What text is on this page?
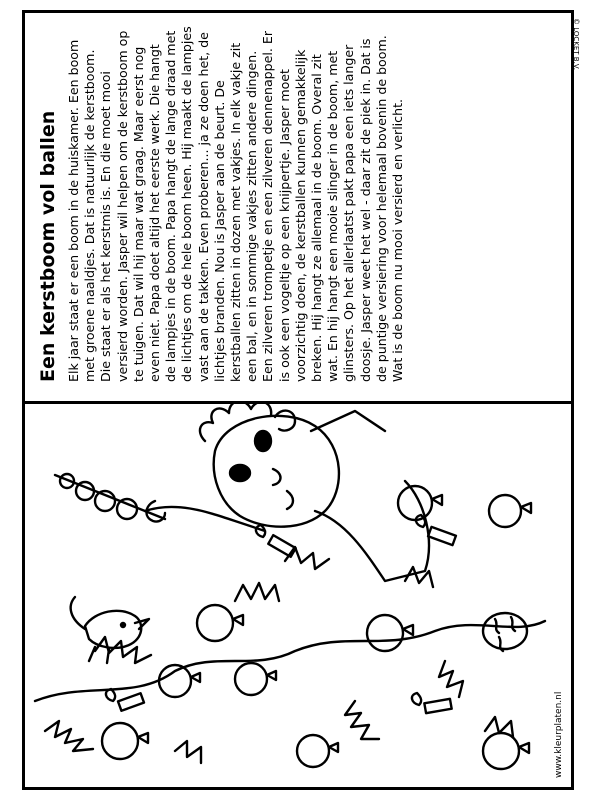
Een kerstboom vol ballen Elk jaar staat er een boom in de huiskamer. Een boom met groene naaldjes. Dat is natuurlijk de kerstboom. Die staat er als het kerstmis is. En die moet mooi versierd worden. Jasper wil helpen om de kerstboom op te tuigen. Dat wil hij maar wat graag. Maar eerst nog even niet. Papa doet altijd het eerste werk. Die hangt de lampjes in de boom. Papa hangt de lange draad met de lichtjes om de hele boom heen. Hij maakt de lampjes vast aan de takken. Even proberen... ja ze doen het, de lichtjes branden. Nou is Jasper aan de beurt. De kerstballen zitten in dozen met vakjes. In elk vakje zit een bal, en in sommige vakjes zitten andere dingen. Een zilveren trompetje en een zilveren dennenappel. Er is ook een vogeltje op een knijpertje. Jasper moet voorzichtig doen, de kerstballen kunnen gemakkelijk breken. Hij hangt ze allemaal in de boom. Overal zit wat. En hij hangt een mooie slinger in de boom, met glinsters. Op het allerlaatst pakt papa een iets langer doosje. Jasper weet het wel - daar zit de piek in. Dat is de puntige versiering voor helemaal bovenin de boom. Wat is de boom nu mooi versierd en verlicht.

© LOCKET B.V.
www.kleurplaten.nl
